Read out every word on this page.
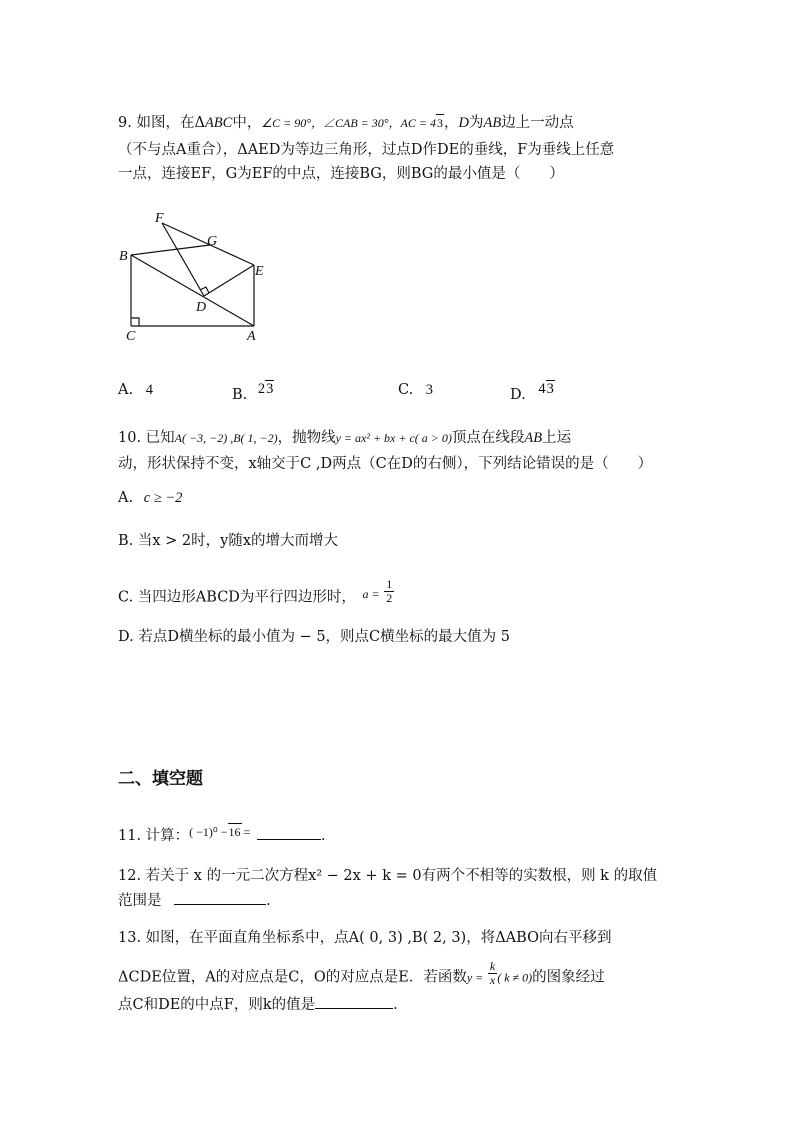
9. 如图，在ΔABC中，∠C = 90°，∠CAB = 30°，AC = 43，D为AB边上一动点
（不与点A重合），ΔAED为等边三角形，过点D作DE的垂线，F为垂线上任意
一点，连接EF，G为EF的中点，连接BG，则BG的最小值是（　　）
F
G
B
E
D
C	A
A. 4	B. 23	C. 3	D. 43
10. 已知A( −3, −2) ,B( 1, −2)，抛物线y = ax² + bx + c( a > 0)顶点在线段AB上运
动，形状保持不变，x轴交于C ,D两点（C在D的右侧），下列结论错误的是（　　）
A. c ≥ −2
B. 当x > 2时，y随x的增大而增大
C. 当四边形ABCD为平行四边形时， $^{a =} \frac{1}{2}$
D. 若点D横坐标的最小值为 − 5，则点C横坐标的最大值为 5
二、填空题
11. 计算：$^{( -1)^0 -}$16 =	.
12. 若关于 x 的一元二次方程x² − 2x + k = 0有两个不相等的实数根，则 k 的取值
范围是	.
13. 如图，在平面直角坐标系中，点A( 0, 3) ,B( 2, 3)，将ΔABO向右平移到
ΔCDE位置，A的对应点是C，O的对应点是E．若函数$y = \frac{k}{x}$ ( k ≠ 0)的图象经过
点C和DE的中点F，则k的值是	.
